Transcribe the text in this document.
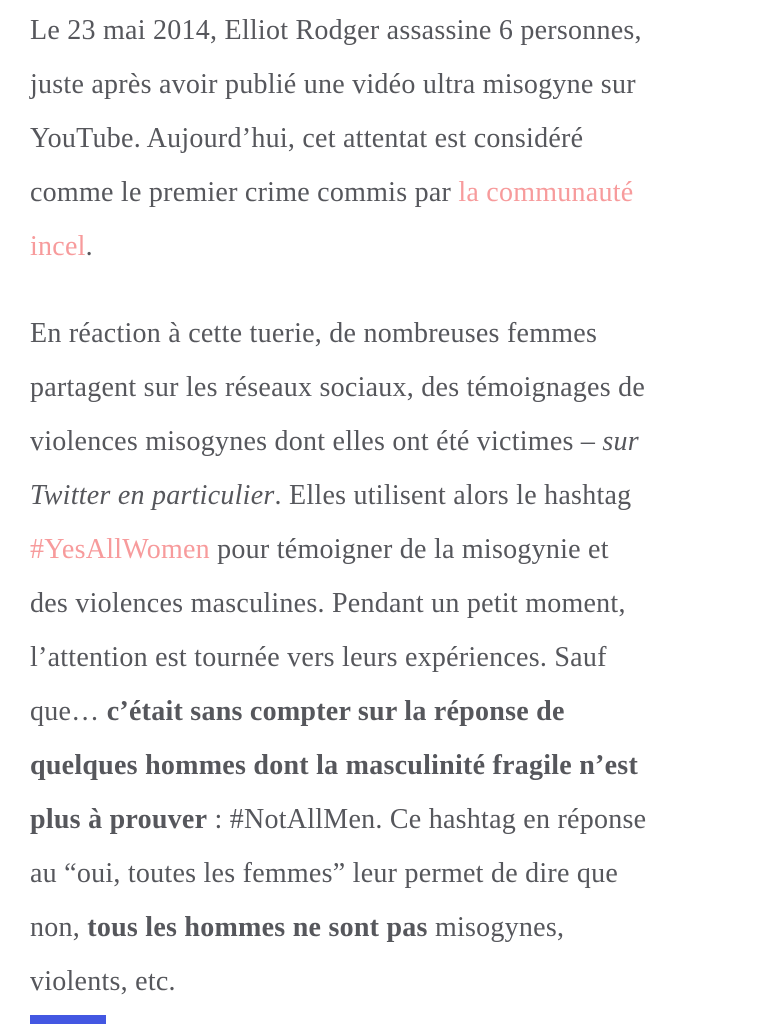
Le 23 mai 2014, Elliot Rodger assassine 6 personnes,
juste après avoir publié une vidéo ultra misogyne sur
YouTube. Aujourd’hui, cet attentat est considéré
comme le premier crime commis par la communauté
incel.
En réaction à cette tuerie, de nombreuses femmes
partagent sur les réseaux sociaux, des témoignages de
violences misogynes dont elles ont été victimes – sur
Twitter en particulier. Elles utilisent alors le hashtag
#YesAllWomen pour témoigner de la misogynie et
des violences masculines. Pendant un petit moment,
l’attention est tournée vers leurs expériences. Sauf
que… c’était sans compter sur la réponse de
quelques hommes dont la masculinité fragile n’est
plus à prouver : #NotAllMen. Ce hashtag en réponse
au “oui, toutes les femmes” leur permet de dire que
non, tous les hommes ne sont pas misogynes,
violents, etc.
